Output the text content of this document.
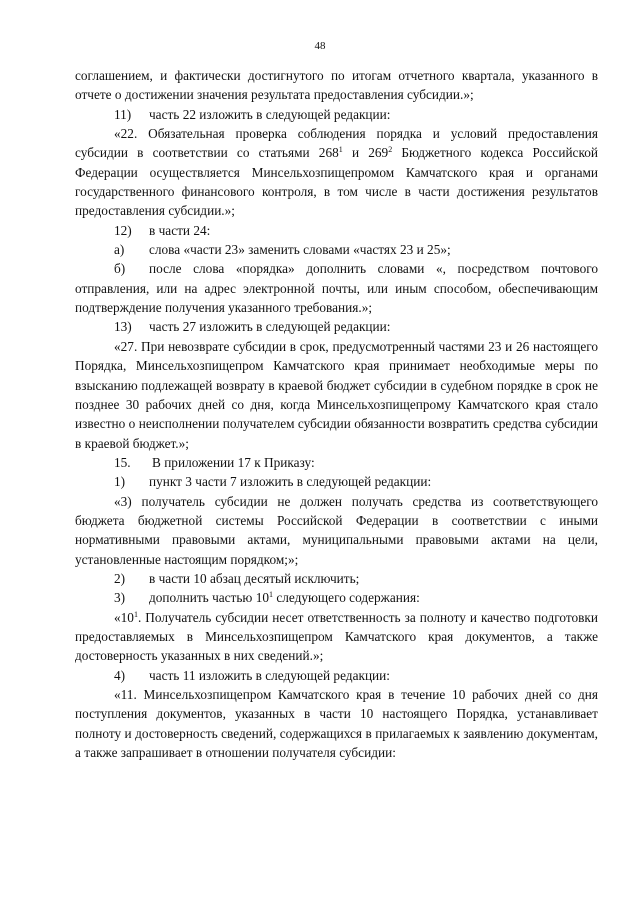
48

соглашением, и фактически достигнутого по итогам отчетного квартала, указанного в отчете о достижении значения результата предоставления субсидии.»;

11) часть 22 изложить в следующей редакции:

«22. Обязательная проверка соблюдения порядка и условий предоставления субсидии в соответствии со статьями $268^1$ и $269^2$ Бюджетного кодекса Российской Федерации осуществляется Минсельхозпищепромом Камчатского края и органами государственного финансового контроля, в том числе в части достижения результатов предоставления субсидии.»;

12) в части 24:

а) слова «части 23» заменить словами «частях 23 и 25»;

б) после слова «порядка» дополнить словами «, посредством почтового отправления, или на адрес электронной почты, или иным способом, обеспечивающим подтверждение получения указанного требования.»;

13) часть 27 изложить в следующей редакции:

«27. При невозврате субсидии в срок, предусмотренный частями 23 и 26 настоящего Порядка, Минсельхозпищепром Камчатского края принимает необходимые меры по взысканию подлежащей возврату в краевой бюджет субсидии в судебном порядке в срок не позднее 30 рабочих дней со дня, когда Минсельхозпищепрому Камчатского края стало известно о неисполнении получателем субсидии обязанности возвратить средства субсидии в краевой бюджет.»;

15. В приложении 17 к Приказу:

1) пункт 3 части 7 изложить в следующей редакции:

«3) получатель субсидии не должен получать средства из соответствующего бюджета бюджетной системы Российской Федерации в соответствии с иными нормативными правовыми актами, муниципальными правовыми актами на цели, установленные настоящим порядком;»;

2) в части 10 абзац десятый исключить;

3) дополнить частью $10^1$ следующего содержания:

«$10^1$. Получатель субсидии несет ответственность за полноту и качество подготовки предоставляемых в Минсельхозпищепром Камчатского края документов, а также достоверность указанных в них сведений.»;

4) часть 11 изложить в следующей редакции:

«11. Минсельхозпищепром Камчатского края в течение 10 рабочих дней со дня поступления документов, указанных в части 10 настоящего Порядка, устанавливает полноту и достоверность сведений, содержащихся в прилагаемых к заявлению документам, а также запрашивает в отношении получателя субсидии:
